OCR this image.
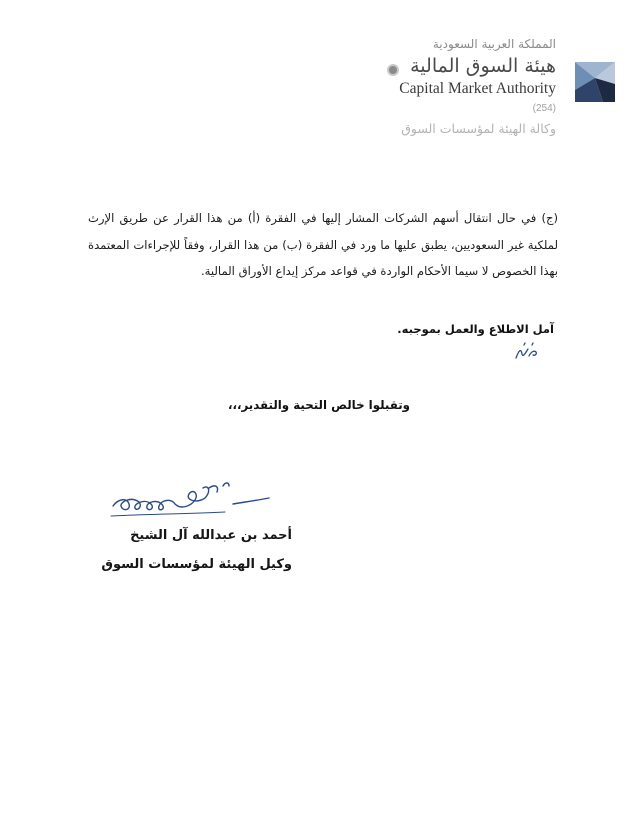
المملكة العربية السعودية
هيئة السوق المالية
Capital Market Authority
(254)
وكالة الهيئة لمؤسسات السوق
(ج) في حال انتقال أسهم الشركات المشار إليها في الفقرة (أ) من هذا القرار عن طريق الإرث لملكية غير السعوديين، يطبق عليها ما ورد في الفقرة (ب) من هذا القرار، وفقاً للإجراءات المعتمدة بهذا الخصوص لا سيما الأحكام الواردة في قواعد مركز إيداع الأوراق المالية.
آمل الاطلاع والعمل بموجبه.
وتقبلوا خالص التحية والتقدير،،،
أحمد بن عبدالله آل الشيخ
وكيل الهيئة لمؤسسات السوق
